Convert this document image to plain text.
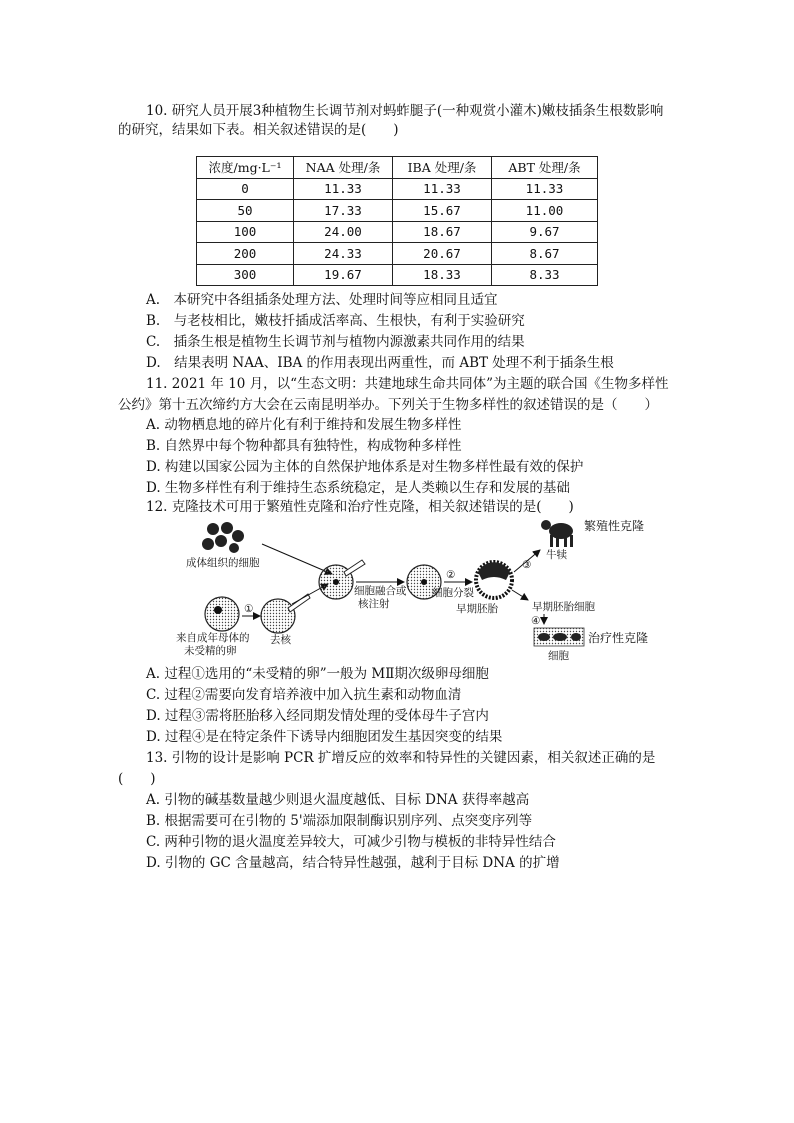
10. 研究人员开展3种植物生长调节剂对蚂蚱腿子(一种观赏小灌木)嫩枝插条生根数影响
的研究，结果如下表。相关叙述错误的是(　　)
浓度/mg·L⁻¹	NAA 处理/条	IBA 处理/条	ABT 处理/条
0	11.33	11.33	11.33
50	17.33	15.67	11.00
100	24.00	18.67	9.67
200	24.33	20.67	8.67
300	19.67	18.33	8.33
A.　本研究中各组插条处理方法、处理时间等应相同且适宜
B.　与老枝相比，嫩枝扦插成活率高、生根快，有利于实验研究
C.　插条生根是植物生长调节剂与植物内源激素共同作用的结果
D.　结果表明 NAA、IBA 的作用表现出两重性，而 ABT 处理不利于插条生根
11. 2021 年 10 月，以“生态文明：共建地球生命共同体”为主题的联合国《生物多样性
公约》第十五次缔约方大会在云南昆明举办。下列关于生物多样性的叙述错误的是（　　）
A. 动物栖息地的碎片化有利于维持和发展生物多样性
B. 自然界中每个物种都具有独特性，构成物种多样性
D. 构建以国家公园为主体的自然保护地体系是对生物多样性最有效的保护
D. 生物多样性有利于维持生态系统稳定，是人类赖以生存和发展的基础
12. 克隆技术可用于繁殖性克隆和治疗性克隆，相关叙述错误的是(　　)
成体组织的细胞
①
来自成年母体的
未受精的卵
去核
细胞融合或
核注射
②
细胞分裂
早期胚胎
③
牛犊
繁殖性克隆
早期胚胎细胞
④
细胞
治疗性克隆
A. 过程①选用的“未受精的卵”一般为 MⅡ期次级卵母细胞
C. 过程②需要向发育培养液中加入抗生素和动物血清
D. 过程③需将胚胎移入经同期发情处理的受体母牛子宫内
D. 过程④是在特定条件下诱导内细胞团发生基因突变的结果
13. 引物的设计是影响 PCR 扩增反应的效率和特异性的关键因素，相关叙述正确的是
(　　)
A. 引物的碱基数量越少则退火温度越低、目标 DNA 获得率越高
B. 根据需要可在引物的 5'端添加限制酶识别序列、点突变序列等
C. 两种引物的退火温度差异较大，可减少引物与模板的非特异性结合
D. 引物的 GC 含量越高，结合特异性越强，越利于目标 DNA 的扩增
